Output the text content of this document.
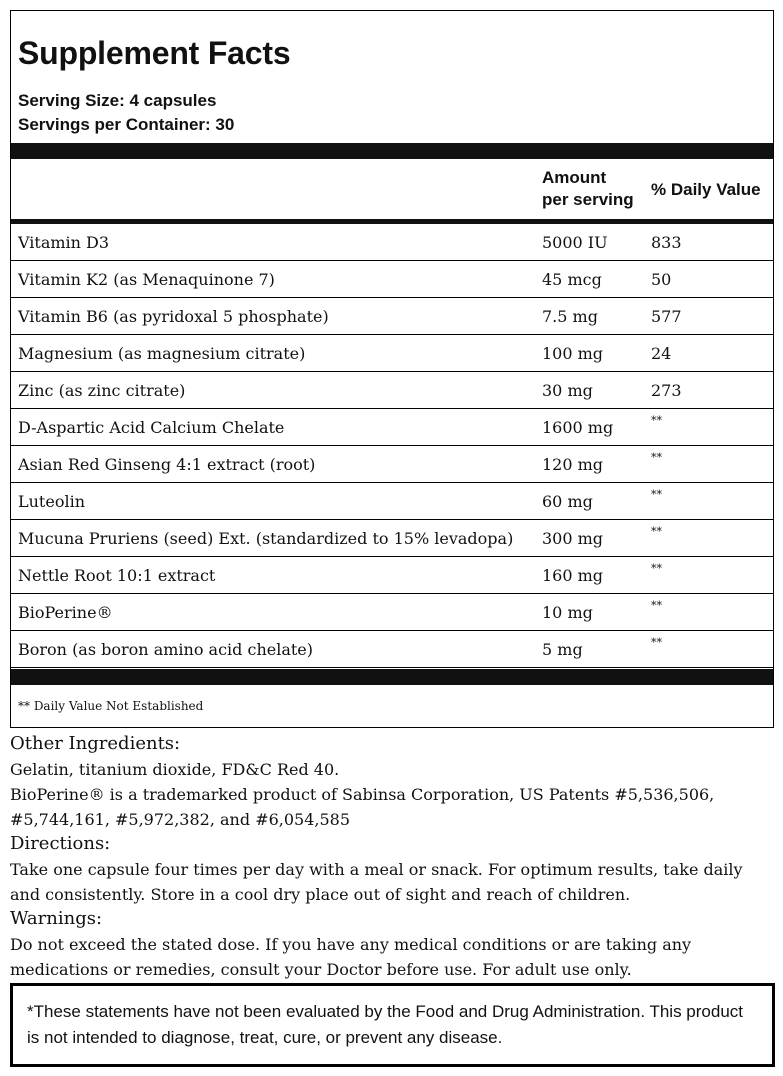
Supplement Facts
Serving Size: 4 capsules
Servings per Container: 30
Amount
per serving
% Daily Value
Vitamin D3	5000 IU	833
Vitamin K2 (as Menaquinone 7)	45 mcg	50
Vitamin B6 (as pyridoxal 5 phosphate)	7.5 mg	577
Magnesium (as magnesium citrate)	100 mg	24
Zinc (as zinc citrate)	30 mg	273
D-Aspartic Acid Calcium Chelate	1600 mg	**
Asian Red Ginseng 4:1 extract (root)	120 mg	**
Luteolin	60 mg	**
Mucuna Pruriens (seed) Ext. (standardized to 15% levadopa) 300 mg	**
Nettle Root 10:1 extract	160 mg	**
BioPerine®	10 mg	**
Boron (as boron amino acid chelate)	5 mg	**
** Daily Value Not Established
Other Ingredients:
Gelatin, titanium dioxide, FD&C Red 40.
BioPerine® is a trademarked product of Sabinsa Corporation, US Patents #5,536,506, #5,744,161, #5,972,382, and #6,054,585
Directions:
Take one capsule four times per day with a meal or snack. For optimum results, take daily and consistently. Store in a cool dry place out of sight and reach of children.
Warnings:
Do not exceed the stated dose. If you have any medical conditions or are taking any medications or remedies, consult your Doctor before use. For adult use only.

*These statements have not been evaluated by the Food and Drug Administration. This product is not intended to diagnose, treat, cure, or prevent any disease.
